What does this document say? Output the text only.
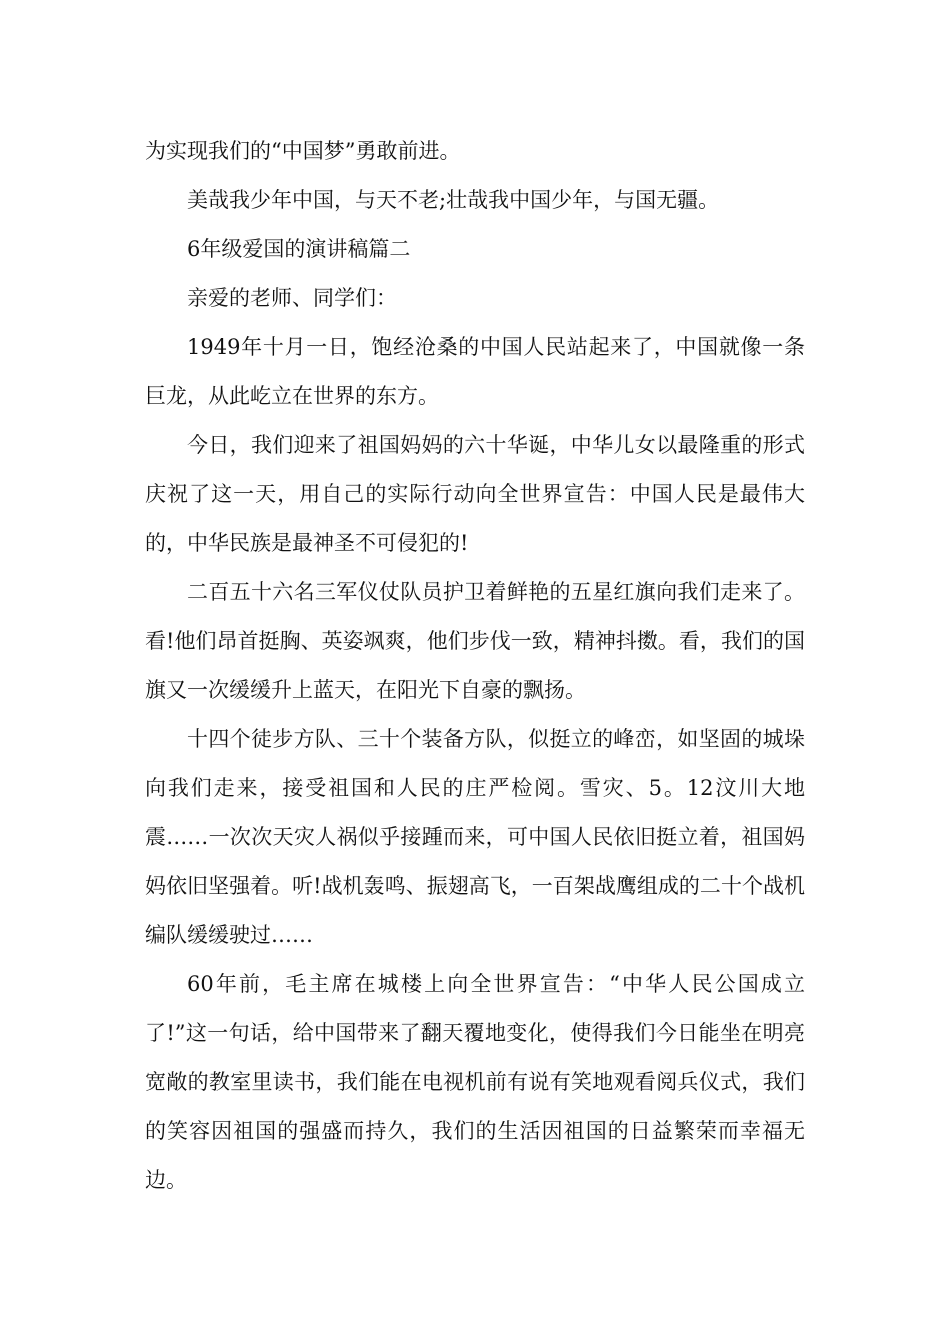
为实现我们的“中国梦”勇敢前进。

美哉我少年中国，与天不老;壮哉我中国少年，与国无疆。

6年级爱国的演讲稿篇二

亲爱的老师、同学们：

1949年十月一日，饱经沧桑的中国人民站起来了，中国就像一条巨龙，从此屹立在世界的东方。

今日，我们迎来了祖国妈妈的六十华诞，中华儿女以最隆重的形式庆祝了这一天，用自己的实际行动向全世界宣告：中国人民是最伟大的，中华民族是最神圣不可侵犯的!

二百五十六名三军仪仗队员护卫着鲜艳的五星红旗向我们走来了。看!他们昂首挺胸、英姿飒爽，他们步伐一致，精神抖擞。看，我们的国旗又一次缓缓升上蓝天，在阳光下自豪的飘扬。

十四个徒步方队、三十个装备方队，似挺立的峰峦，如坚固的城垛向我们走来，接受祖国和人民的庄严检阅。雪灾、5。12汶川大地震……一次次天灾人祸似乎接踵而来，可中国人民依旧挺立着，祖国妈妈依旧坚强着。听!战机轰鸣、振翅高飞，一百架战鹰组成的二十个战机编队缓缓驶过……

60年前，毛主席在城楼上向全世界宣告：“中华人民公国成立了!”这一句话，给中国带来了翻天覆地变化，使得我们今日能坐在明亮宽敞的教室里读书，我们能在电视机前有说有笑地观看阅兵仪式，我们的笑容因祖国的强盛而持久，我们的生活因祖国的日益繁荣而幸福无边。
